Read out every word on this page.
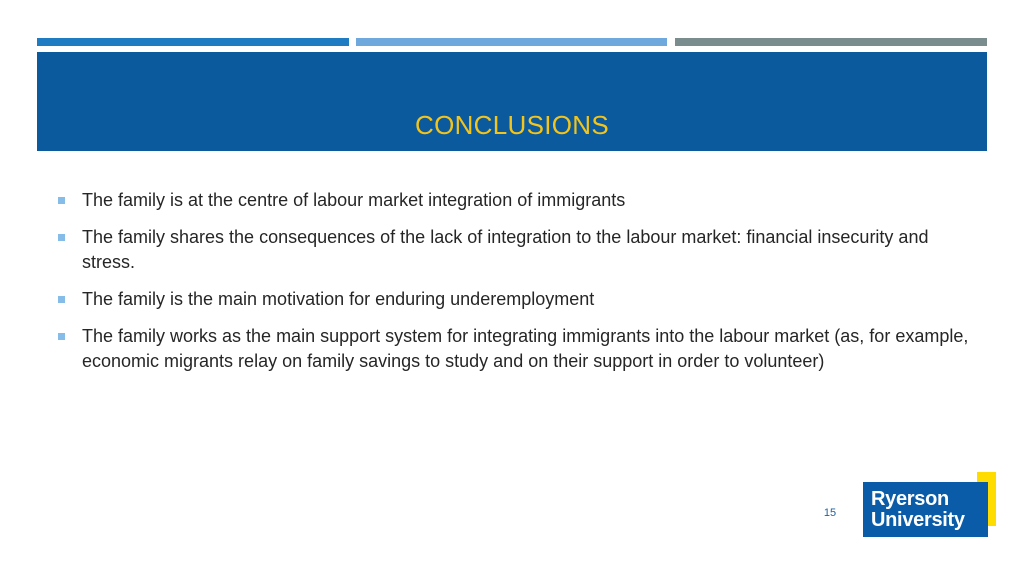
CONCLUSIONS
The family is at the centre of labour market integration of immigrants
The family shares the consequences of the lack of integration to the labour market: financial insecurity and stress.
The family is the main motivation for enduring underemployment
The family works as the main support system for integrating immigrants into the labour market (as, for example, economic migrants relay on family savings to study and on their support in order to volunteer)
15
Ryerson
University
